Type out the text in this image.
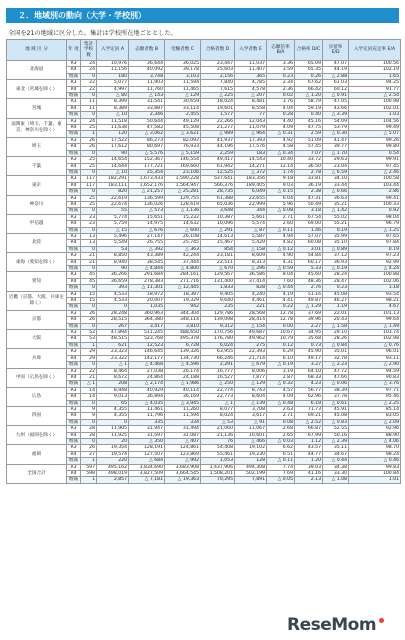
２．地域別の動向（大学・学校別）
全国を21の地域に区分した。集計は学校所在地ごととした。
地 域 区 分	年 度	集計学校数	入学定員 A	志願者数 B	受験者数 C	合格者数 D	入学者数 E	志願倍率 B/A	合格率 D/C	歩留率 E/D	入学定員充足率 E/A
北海道	R3	24	10,976	36,644	36,025	23,447	11,037	3.36	65.09	47.07	100.56
	R4	24	11,156	40,092	39,178	25,603	11,407	3.59	65.35	44.19	102.19
	増減	0	180	3,748	3,103	2,156	365	0.23	0.26	△ 2.88	1.65
東北（宮城を除く）	R3	22	5,077	11,903	11,594	7,840	4,785	2.34	67.62	61.03	94.25
	R4	22	4,997	11,760	11,465	7,615	4,578	2.36	66.42	60.12	91.77
	増減	0	△ 80	△ 143	△ 129	△ 225	△ 207	0.02	△ 1.20	△ 0.91	△ 2.54
宮城	R3	11	8,399	31,541	30,659	18,024	8,481	3.76	58.79	47.05	100.98
	R4	11	8,389	33,887	33,114	19,601	8,558	4.04	59.19	43.66	102.01
	増減	0	△ 10	2,346	2,455	1,577	77	0.28	0.40	△ 3.39	1.03
南関東（埼玉、千葉、東京、神奈川を除く）	R3	24	11,518	50,644	49,129	22,266	12,043	4.40	45.16	54.09	104.56
	R4	25	11,638	47,582	45,508	21,277	11,079	4.09	47.75	53.79	99.49
	増減	1	120	△ 3,062	△ 3,621	△ 989	△ 964	△ 0.31	2.59	△ 0.30	△ 5.07
埼玉	R3	26	17,522	86,273	82,092	41,937	17,393	4.92	51.09	41.47	99.26
	R4	26	17,612	80,697	76,933	44,196	17,576	4.58	57.45	39.77	99.80
	増減	0	90	△ 5,576	△ 5,159	2,259	183	△ 0.34	7.07	△ 1.70	0.54
千葉	R3	25	14,654	152,367	146,554	49,417	14,543	10.40	33.72	29.63	99.91
	R4	25	14,644	177,721	169,660	61,942	14,271	12.14	36.50	23.04	97.45
	増減	0	△ 10	25,354	23,106	12,525	△ 372	1.74	2.78	△ 6.59	△ 2.46
東京	R3	117	182,291	1,673,433	1,590,228	537,641	183,356	9.18	33.81	34.10	100.58
	R4	117	183,111	1,652,176	1,564,947	566,376	189,405	9.03	36.19	33.44	103.44
	増減	0	820	△ 21,257	△ 25,281	28,735	6,049	△ 0.15	2.38	△ 0.66	2.86
神奈川	R3	25	22,619	136,599	129,755	61,388	22,655	6.04	47.31	36.63	99.41
	R4	25	22,674	136,026	128,619	65,036	22,999	5.96	50.49	35.21	100.33
	増減	0	55	△ 573	△ 1,136	3,648	344	△ 0.08	3.18	△ 1.42	0.92
甲信越	R3	23	5,774	15,651	15,232	10,387	5,661	2.71	67.54	55.02	98.04
	R4	23	5,759	14,975	14,632	10,096	5,574	2.60	69.00	55.21	96.79
	増減	0	△ 15	△ 676	△ 600	△ 291	△ 87	△ 0.11	1.46	0.19	△ 1.25
北陸	R3	13	5,496	27,147	26,108	14,613	5,587	4.94	57.07	35.99	97.65
	R4	13	5,549	26,755	25,745	15,467	5,429	4.82	60.08	35.10	97.84
	増減	0	53	△ 392	△ 363	854	△ 158	△ 0.12	3.01	△ 0.89	0.19
東海（愛知を除く）	R3	21	8,850	43,389	42,244	23,181	8,609	4.90	54.84	37.12	97.23
	R4	21	8,940	38,545	37,444	22,511	8,313	4.31	60.17	36.93	92.99
	増減	0	90	△ 4,844	△ 4,800	△ 670	△ 296	△ 0.59	5.33	△ 0.19	△ 4.24
愛知	R3	45	36,266	291,684	284,161	129,567	36,586	8.04	45.60	28.24	100.88
	R4	45	36,659	278,383	271,716	131,400	37,414	7.60	48.36	28.47	102.06
	増減	0	393	△ 11,301	△ 12,445	1,833	828	△ 0.44	2.76	0.23	1.18
近畿（京都、大阪、兵庫を除く）	R3	15	4,533	18,972	18,387	9,405	4,240	4.19	51.16	45.08	93.54
	R4	15	4,533	20,007	19,329	9,640	4,461	4.41	49.87	46.27	98.21
	増減	0	0	1,035	942	235	221	0.22	△ 1.29	1.19	4.67
京都	R3	26	28,248	360,963	344,304	129,786	28,568	12.78	37.69	22.01	101.13
	R4	26	28,515	364,380	348,114	139,098	28,414	12.78	39.96	20.43	99.64
	増減	0	267	3,417	3,810	9,312	△ 154	0.00	2.27	△ 1.58	△ 1.49
大阪	R3	52	47,894	511,245	488,650	170,756	49,687	10.67	34.95	29.10	103.74
	R4	53	48,515	523,768	495,378	176,780	49,962	10.79	35.68	28.26	102.98
	増減	1	621	12,523	6,728	6,024	275	0.12	0.73	△ 0.84	△ 0.76
兵庫	R3	29	23,323	146,645	139,326	63,955	22,393	6.29	45.90	35.01	96.01
	R4	29	23,322	142,177	134,730	66,246	21,714	6.10	49.17	32.78	93.11
	増減	0	△ 1	△ 4,468	△ 4,596	2,291	△ 679	△ 0.19	3.27	△ 2.23	△ 2.90
中国（広島を除く）	R3	22	8,464	27,038	26,174	16,777	8,006	3.19	64.10	47.72	94.59
	R4	21	8,672	24,864	24,188	16,527	7,877	2.87	68.33	47.66	90.83
	増減	△ 1	208	△ 2,174	△ 1,986	△ 250	△ 129	△ 0.32	4.23	△ 0.06	△ 3.76
広島	R3	14	8,948	40,929	40,114	22,774	8,743	4.57	56.77	38.39	97.71
	R4	14	9,013	36,894	36,169	22,773	8,604	4.09	62.96	37.78	95.46
	増減	0	65	△ 4,035	△ 3,945	△ 1	△ 139	△ 0.48	6.19	△ 0.61	△ 2.25
四国	R3	9	4,355	11,461	11,260	8,077	3,708	2.63	71.73	45.91	85.14
	R4	9	4,355	11,796	11,594	8,024	3,617	2.71	69.21	45.08	83.05
	増減	0	0	335	334	△ 53	△ 91	0.08	△ 2.52	△ 0.83	△ 2.09
九州（福岡を除く）	R3	28	11,905	31,947	31,494	21,060	11,067	2.68	66.87	52.55	92.96
	R4	28	11,925	31,597	31,087	21,136	10,601	2.65	67.99	50.16	88.90
	増減	0	20	△ 350	△ 407	76	△ 466	△ 0.03	1.12	△ 2.39	△ 4.06
福岡	R3	26	19,354	128,191	124,861	54,408	19,102	6.62	43.57	35.11	98.70
	R4	27	19,574	127,507	123,869	55,461	19,230	6.51	44.77	34.67	98.24
	増減	1	220	△ 684	△ 992	1,053	128	△ 0.11	1.20	△ 0.44	△ 0.46
全国合計	R3	597	495,162	3,834,690	3,683,908	1,437,906	494,308	7.74	39.03	34.38	99.83
	R4	598	498,019	3,827,509	3,664,545	1,508,201	502,199	7.69	41.16	33.30	100.84
	増減	1	2,857	△ 7,181	△ 19,363	70,295	7,891	△ 0.05	2.13	△ 1.08	1.01
ReseMom
